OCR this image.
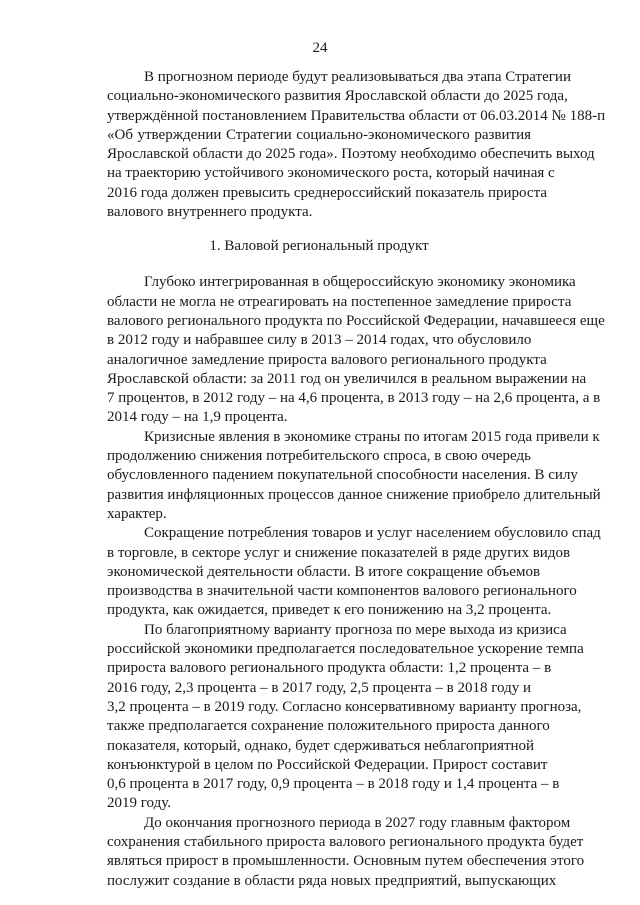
24
В прогнозном периоде будут реализовываться два этапа Стратегии
социально-экономического развития Ярославской области до 2025 года,
утверждённой постановлением Правительства области от 06.03.2014 № 188-п
«Об утверждении Стратегии социально-экономического развития
Ярославской области до 2025 года». Поэтому необходимо обеспечить выход
на траекторию устойчивого экономического роста, который начиная с
2016 года должен превысить среднероссийский показатель прироста
валового внутреннего продукта.
1. Валовой региональный продукт
Глубоко интегрированная в общероссийскую экономику экономика
области не могла не отреагировать на постепенное замедление прироста
валового регионального продукта по Российской Федерации, начавшееся еще
в 2012 году и набравшее силу в 2013 – 2014 годах, что обусловило
аналогичное замедление прироста валового регионального продукта
Ярославской области: за 2011 год он увеличился в реальном выражении на
7 процентов, в 2012 году – на 4,6 процента, в 2013 году – на 2,6 процента, а в
2014 году – на 1,9 процента.
Кризисные явления в экономике страны по итогам 2015 года привели к
продолжению снижения потребительского спроса, в свою очередь
обусловленного падением покупательной способности населения. В силу
развития инфляционных процессов данное снижение приобрело длительный
характер.
Сокращение потребления товаров и услуг населением обусловило спад
в торговле, в секторе услуг и снижение показателей в ряде других видов
экономической деятельности области. В итоге сокращение объемов
производства в значительной части компонентов валового регионального
продукта, как ожидается, приведет к его понижению на 3,2 процента.
По благоприятному варианту прогноза по мере выхода из кризиса
российской экономики предполагается последовательное ускорение темпа
прироста валового регионального продукта области: 1,2 процента – в
2016 году, 2,3 процента – в 2017 году, 2,5 процента – в 2018 году и
3,2 процента – в 2019 году. Согласно консервативному варианту прогноза,
также предполагается сохранение положительного прироста данного
показателя, который, однако, будет сдерживаться неблагоприятной
конъюнктурой в целом по Российской Федерации. Прирост составит
0,6 процента в 2017 году, 0,9 процента – в 2018 году и 1,4 процента – в
2019 году.
До окончания прогнозного периода в 2027 году главным фактором
сохранения стабильного прироста валового регионального продукта будет
являться прирост в промышленности. Основным путем обеспечения этого
послужит создание в области ряда новых предприятий, выпускающих
